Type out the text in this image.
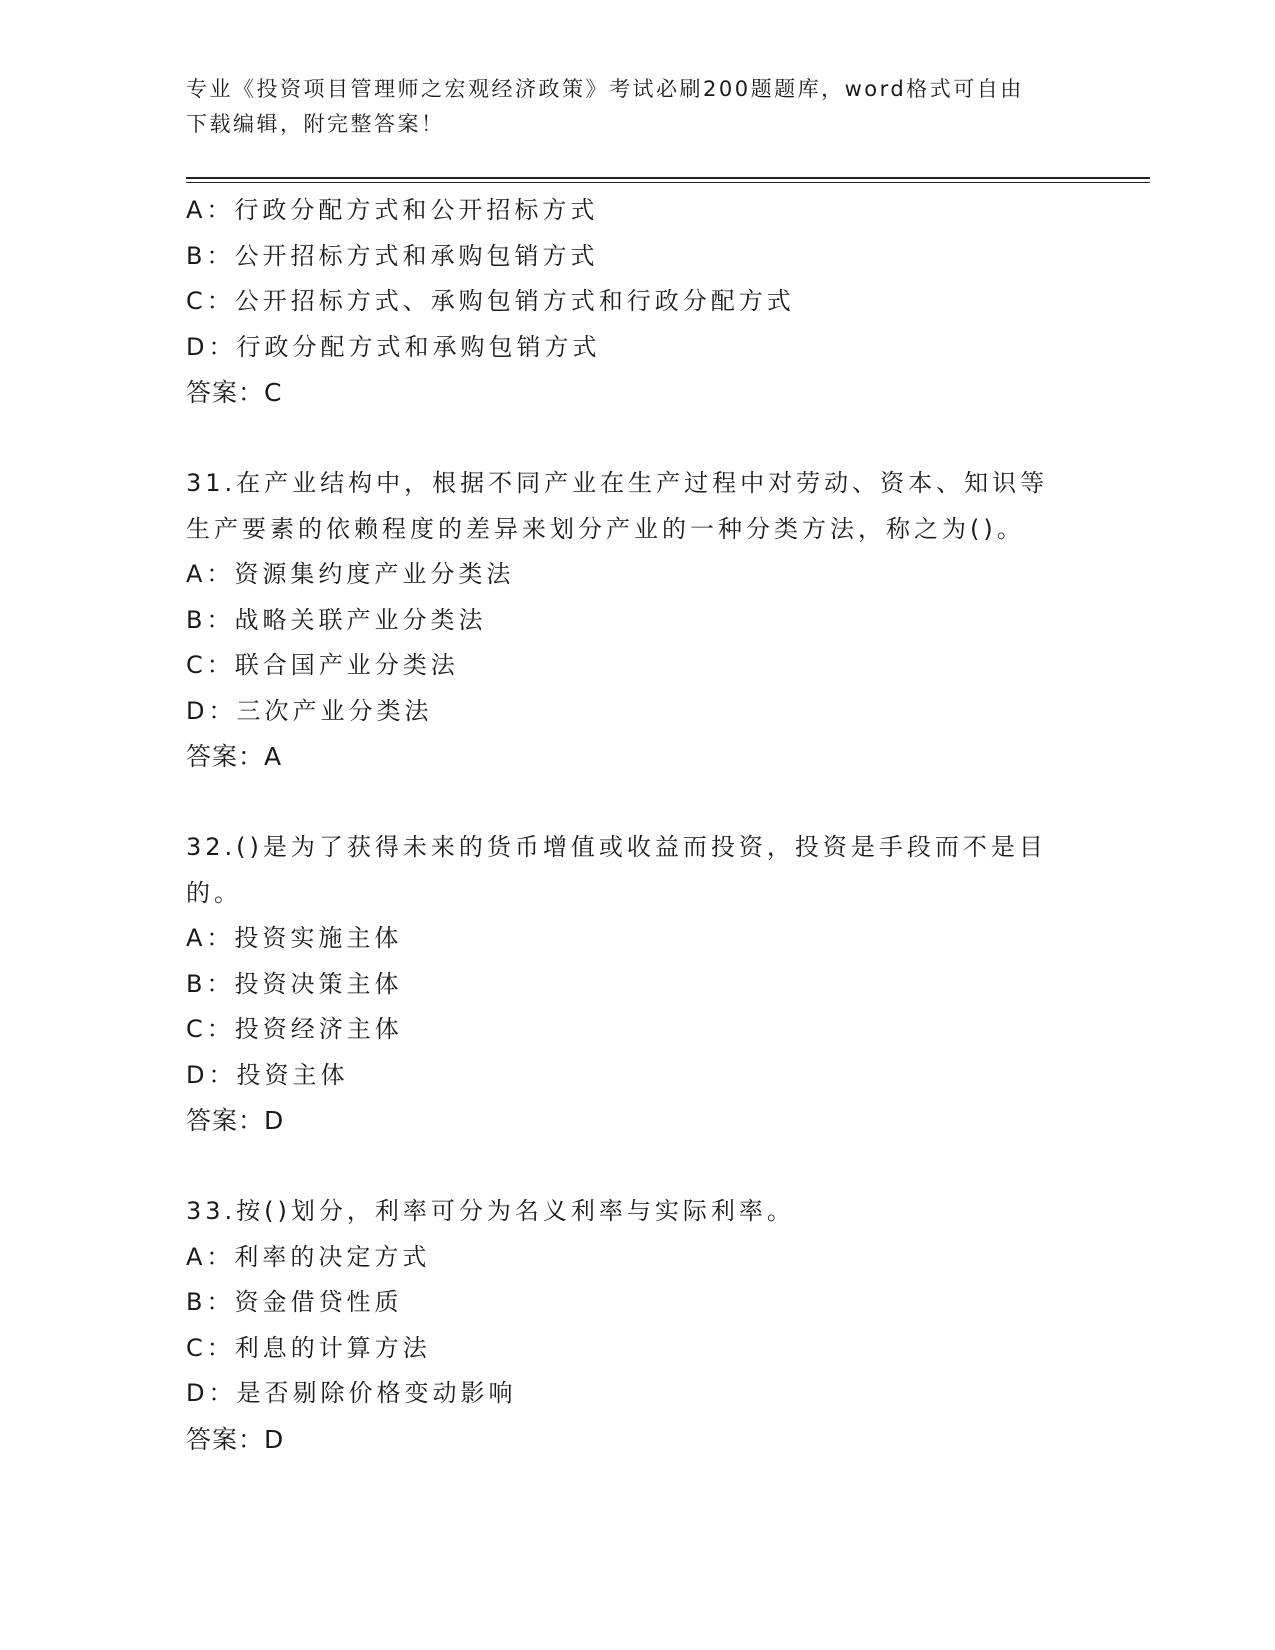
专业《投资项目管理师之宏观经济政策》考试必刷200题题库，word格式可自由
下载编辑，附完整答案！
A：行政分配方式和公开招标方式
B：公开招标方式和承购包销方式
C：公开招标方式、承购包销方式和行政分配方式
D：行政分配方式和承购包销方式
答案：C
31.在产业结构中，根据不同产业在生产过程中对劳动、资本、知识等
生产要素的依赖程度的差异来划分产业的一种分类方法，称之为()。
A：资源集约度产业分类法
B：战略关联产业分类法
C：联合国产业分类法
D：三次产业分类法
答案：A
32.()是为了获得未来的货币增值或收益而投资，投资是手段而不是目
的。
A：投资实施主体
B：投资决策主体
C：投资经济主体
D：投资主体
答案：D
33.按()划分，利率可分为名义利率与实际利率。
A：利率的决定方式
B：资金借贷性质
C：利息的计算方法
D：是否剔除价格变动影响
答案：D
